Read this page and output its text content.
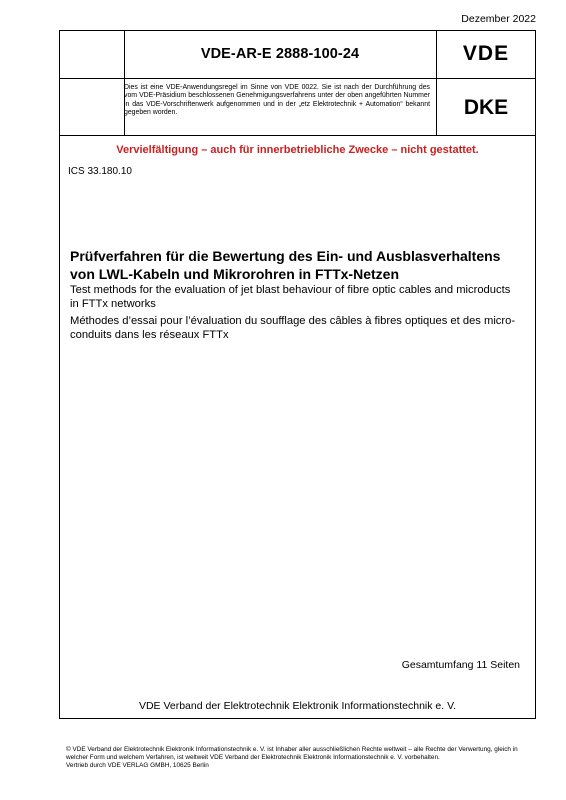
Dezember 2022
VDE-AR-E 2888-100-24	VDE
Dies ist eine VDE-Anwendungsregel im Sinne von VDE 0022. Sie ist nach der Durchführung des vom VDE-Präsidium beschlossenen Genehmigungsverfahrens unter der oben angeführten Nummer in das VDE-Vorschriftenwerk aufgenommen und in der „etz Elektrotechnik + Automation“ bekannt gegeben worden.	DKE
Vervielfältigung – auch für innerbetriebliche Zwecke – nicht gestattet.
ICS 33.180.10
Prüfverfahren für die Bewertung des Ein- und Ausblasverhaltens von LWL-Kabeln und Mikrorohren in FTTx-Netzen
Test methods for the evaluation of jet blast behaviour of fibre optic cables and microducts in FTTx networks
Méthodes d’essai pour l’évaluation du soufflage des câbles à fibres optiques et des micro-conduits dans les réseaux FTTx
Gesamtumfang 11 Seiten
VDE Verband der Elektrotechnik Elektronik Informationstechnik e. V.
© VDE Verband der Elektrotechnik Elektronik Informationstechnik e. V. ist Inhaber aller ausschließlichen Rechte weltweit – alle Rechte der Verwertung, gleich in welcher Form und welchem Verfahren, ist weltweit VDE Verband der Elektrotechnik Elektronik Informationstechnik e. V. vorbehalten.
Vertrieb durch VDE VERLAG GMBH, 10625 Berlin
